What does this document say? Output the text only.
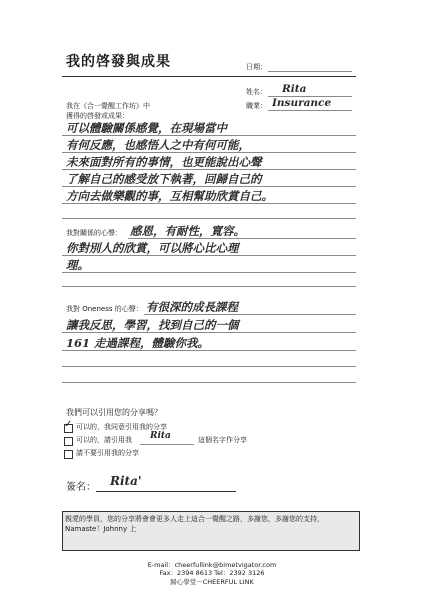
我的啓發與成果	日期：
姓名： Rita
職業： Insurance
我在《合一覺醒工作坊》中
獲得的啓發或成果：
可以體驗關係感覺，在現場當中
有何反應，也感悟人之中有何可能，
未來面對所有的事情，也更能說出心聲
了解自己的感受放下執著，回歸自己的
方向去做樂觀的事，互相幫助欣賞自己。
我對關係的心聲： 感恩，有耐性，寬容。
你對別人的欣賞，可以將心比心理
理。
我對 Oneness 的心聲： 有很深的成長課程
讓我反思，學習，找到自己的一個
161 走過課程，體驗你我。
我們可以引用您的分享嗎？
✓ 可以的，我同意引用我的分享
可以的，請引用我 Rita	這個名字作分享
請不要引用我的分享
簽名： Rita'
親愛的學員，您的分享將會會更多人走上這合一覺醒之路，多謝您，多謝您的支持，Namaste！Johnny 上
E-mail：cheerfullink@bimetvigator.com
Fax：2394 8613 Tel：2392 3126
歸心學堂－CHEERFUL LINK
